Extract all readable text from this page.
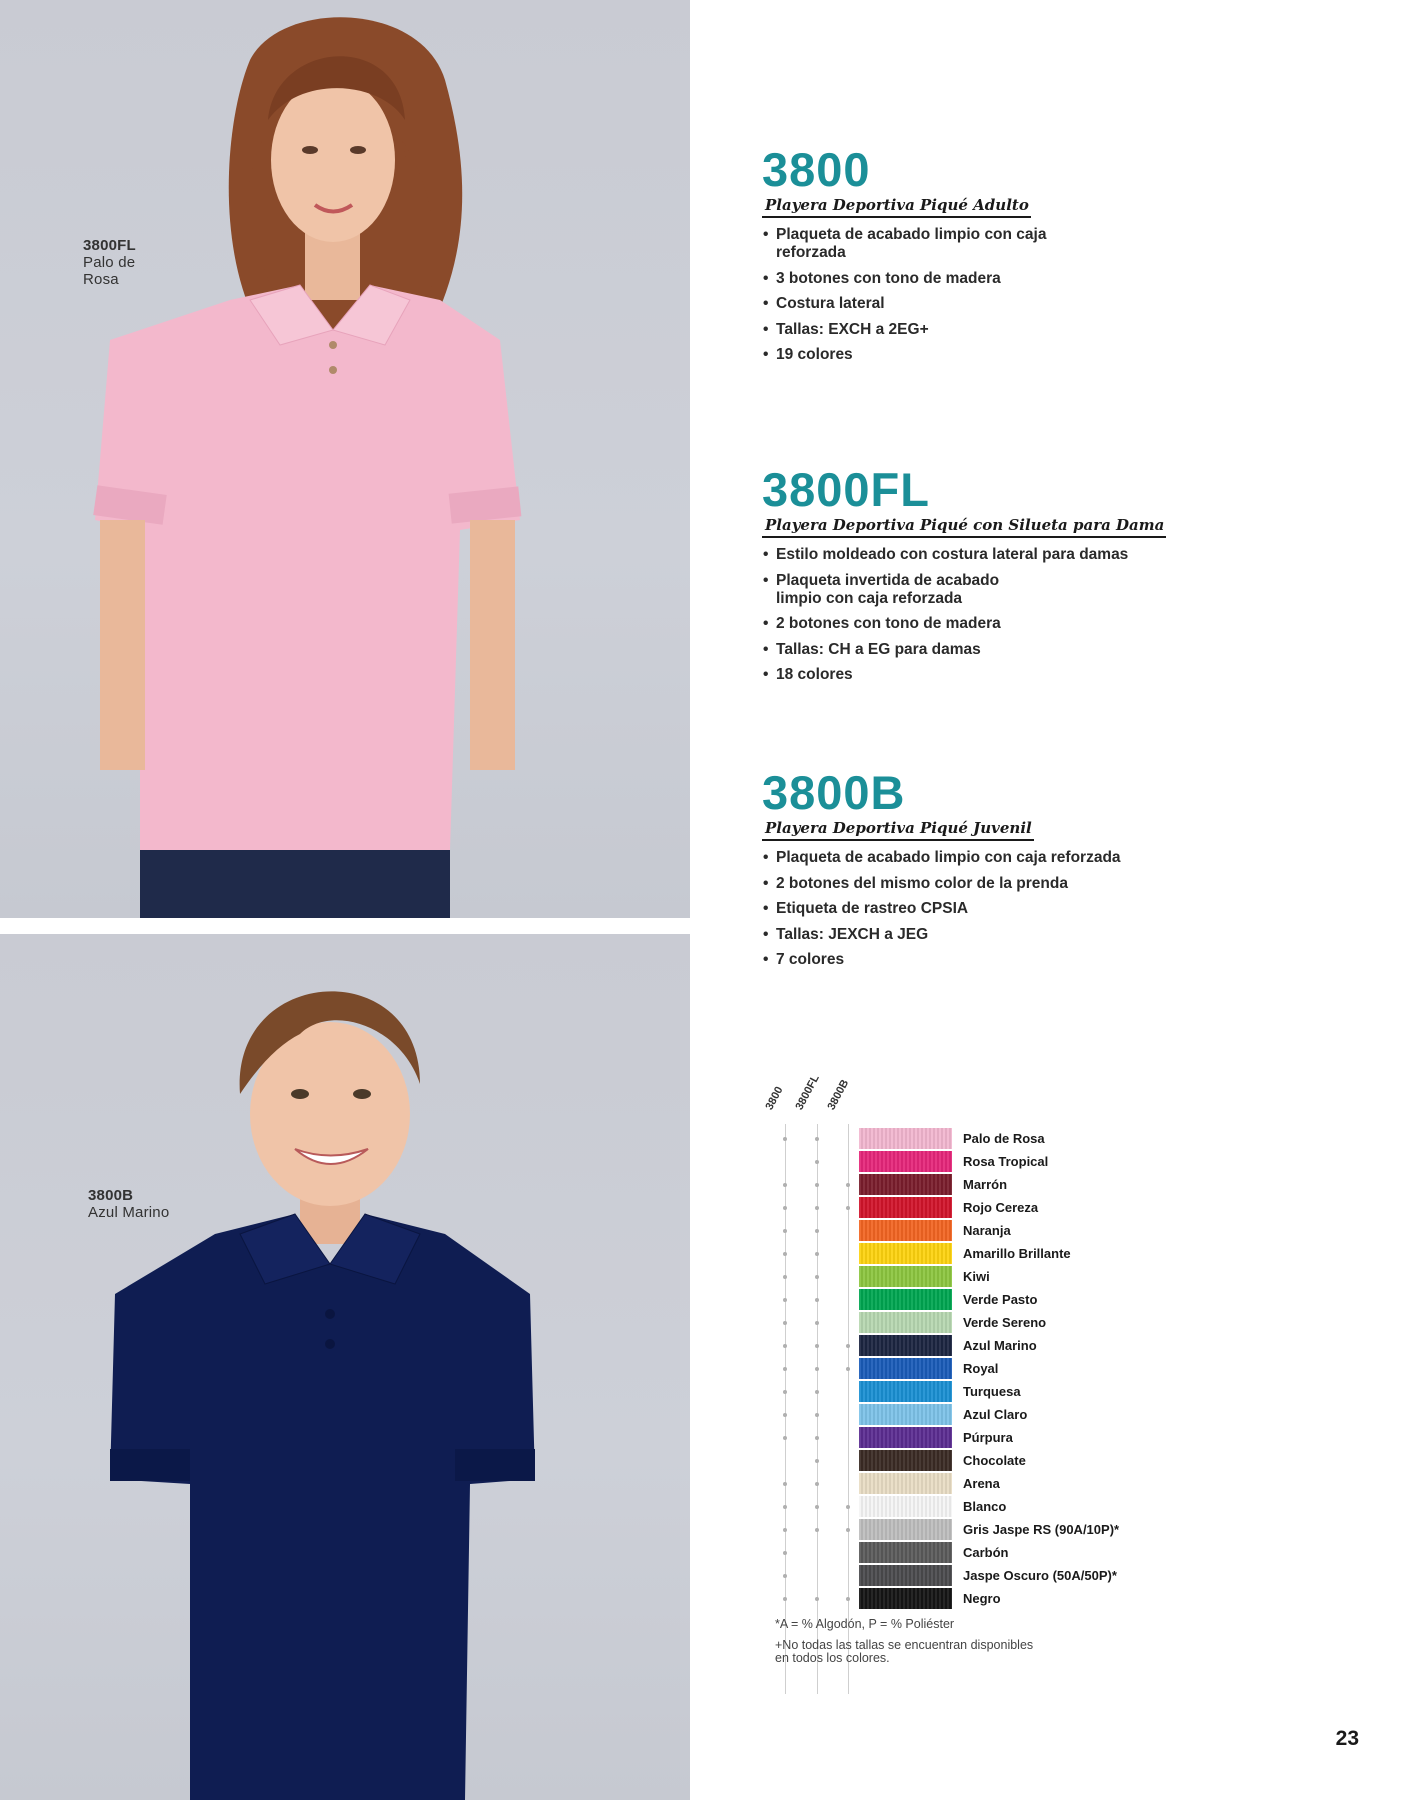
3800FL
Palo de Rosa
3800B
Azul Marino
3800
Playera Deportiva Piqué Adulto
• Plaqueta de acabado limpio con caja reforzada
• 3 botones con tono de madera
• Costura lateral
• Tallas: EXCH a 2EG+
• 19 colores
3800FL
Playera Deportiva Piqué con Silueta para Dama
• Estilo moldeado con costura lateral para damas
• Plaqueta invertida de acabado limpio con caja reforzada
• 2 botones con tono de madera
• Tallas: CH a EG para damas
• 18 colores
3800B
Playera Deportiva Piqué Juvenil
• Plaqueta de acabado limpio con caja reforzada
• 2 botones del mismo color de la prenda
• Etiqueta de rastreo CPSIA
• Tallas: JEXCH a JEG
• 7 colores
3800 3800FL 3800B
Palo de Rosa
Rosa Tropical
Marrón
Rojo Cereza
Naranja
Amarillo Brillante
Kiwi
Verde Pasto
Verde Sereno
Azul Marino
Royal
Turquesa
Azul Claro
Púrpura
Chocolate
Arena
Blanco
Gris Jaspe RS (90A/10P)*
Carbón
Jaspe Oscuro (50A/50P)*
Negro
*A = % Algodón, P = % Poliéster
+No todas las tallas se encuentran disponibles en todos los colores.
23
